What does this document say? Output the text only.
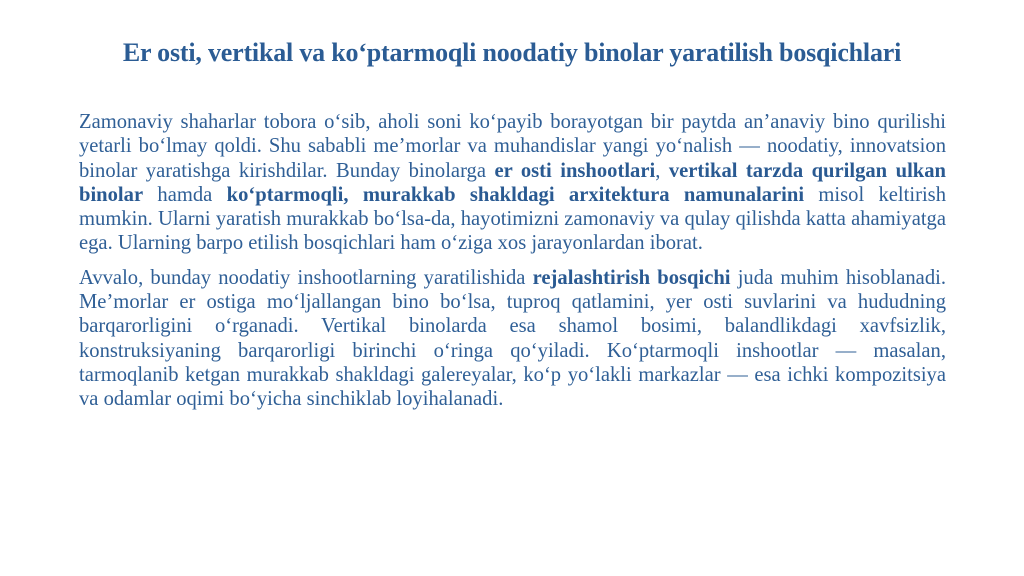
Er osti, vertikal va ko‘ptarmoqli noodatiy binolar yaratilish bosqichlari

Zamonaviy shaharlar tobora o‘sib, aholi soni ko‘payib borayotgan bir paytda an’anaviy bino qurilishi yetarli bo‘lmay qoldi. Shu sababli me’morlar va muhandislar yangi yo‘nalish — noodatiy, innovatsion binolar yaratishga kirishdilar. Bunday binolarga er osti inshootlari, vertikal tarzda qurilgan ulkan binolar hamda ko‘ptarmoqli, murakkab shakldagi arxitektura namunalarini misol keltirish mumkin. Ularni yaratish murakkab bo‘lsa-da, hayotimizni zamonaviy va qulay qilishda katta ahamiyatga ega. Ularning barpo etilish bosqichlari ham o‘ziga xos jarayonlardan iborat.

Avvalo, bunday noodatiy inshootlarning yaratilishida rejalashtirish bosqichi juda muhim hisoblanadi. Me’morlar er ostiga mo‘ljallangan bino bo‘lsa, tuproq qatlamini, yer osti suvlarini va hududning barqarorligini o‘rganadi. Vertikal binolarda esa shamol bosimi, balandlikdagi xavfsizlik, konstruksiyaning barqarorligi birinchi o‘ringa qo‘yiladi. Ko‘ptarmoqli inshootlar — masalan, tarmoqlanib ketgan murakkab shakldagi galereyalar, ko‘p yo‘lakli markazlar — esa ichki kompozitsiya va odamlar oqimi bo‘yicha sinchiklab loyihalanadi.
